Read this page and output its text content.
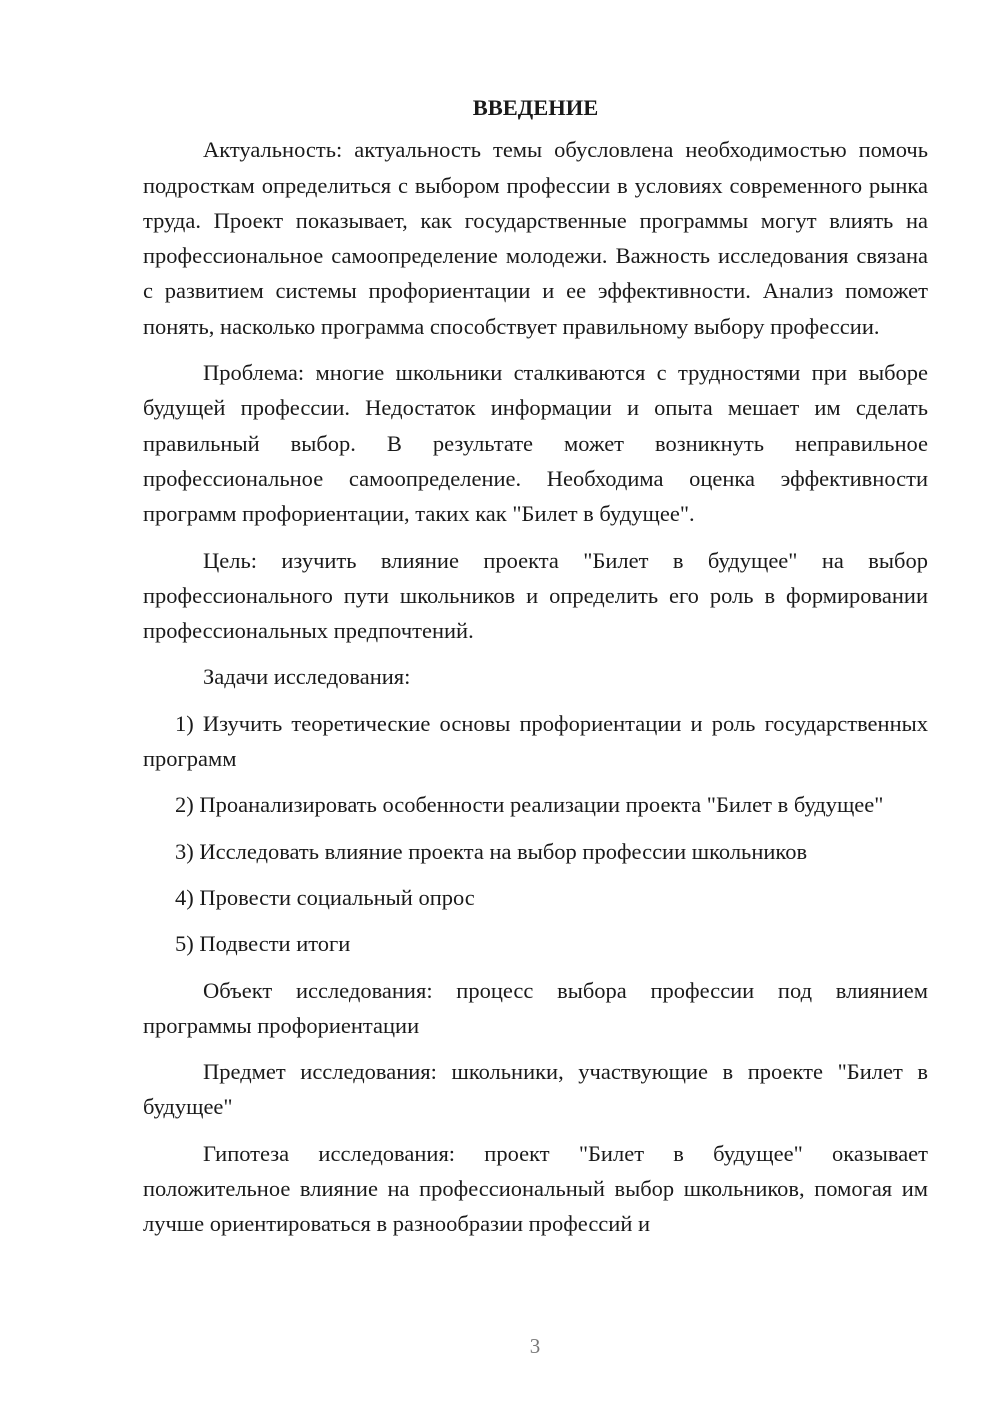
ВВЕДЕНИЕ

Актуальность: актуальность темы обусловлена необходимостью помочь подросткам определиться с выбором профессии в условиях современного рынка труда. Проект показывает, как государственные программы могут влиять на профессиональное самоопределение молодежи. Важность исследования связана с развитием системы профориентации и ее эффективности. Анализ поможет понять, насколько программа способствует правильному выбору профессии.

Проблема: многие школьники сталкиваются с трудностями при выборе будущей профессии. Недостаток информации и опыта мешает им сделать правильный выбор. В результате может возникнуть неправильное профессиональное самоопределение. Необходима оценка эффективности программ профориентации, таких как "Билет в будущее".

Цель: изучить влияние проекта "Билет в будущее" на выбор профессионального пути школьников и определить его роль в формировании профессиональных предпочтений.

Задачи исследования:

1) Изучить теоретические основы профориентации и роль государственных программ

2) Проанализировать особенности реализации проекта "Билет в будущее"

3) Исследовать влияние проекта на выбор профессии школьников

4) Провести социальный опрос

5) Подвести итоги

Объект исследования: процесс выбора профессии под влиянием программы профориентации

Предмет исследования: школьники, участвующие в проекте "Билет в будущее"

Гипотеза исследования: проект "Билет в будущее" оказывает положительное влияние на профессиональный выбор школьников, помогая им лучше ориентироваться в разнообразии профессий и

3
